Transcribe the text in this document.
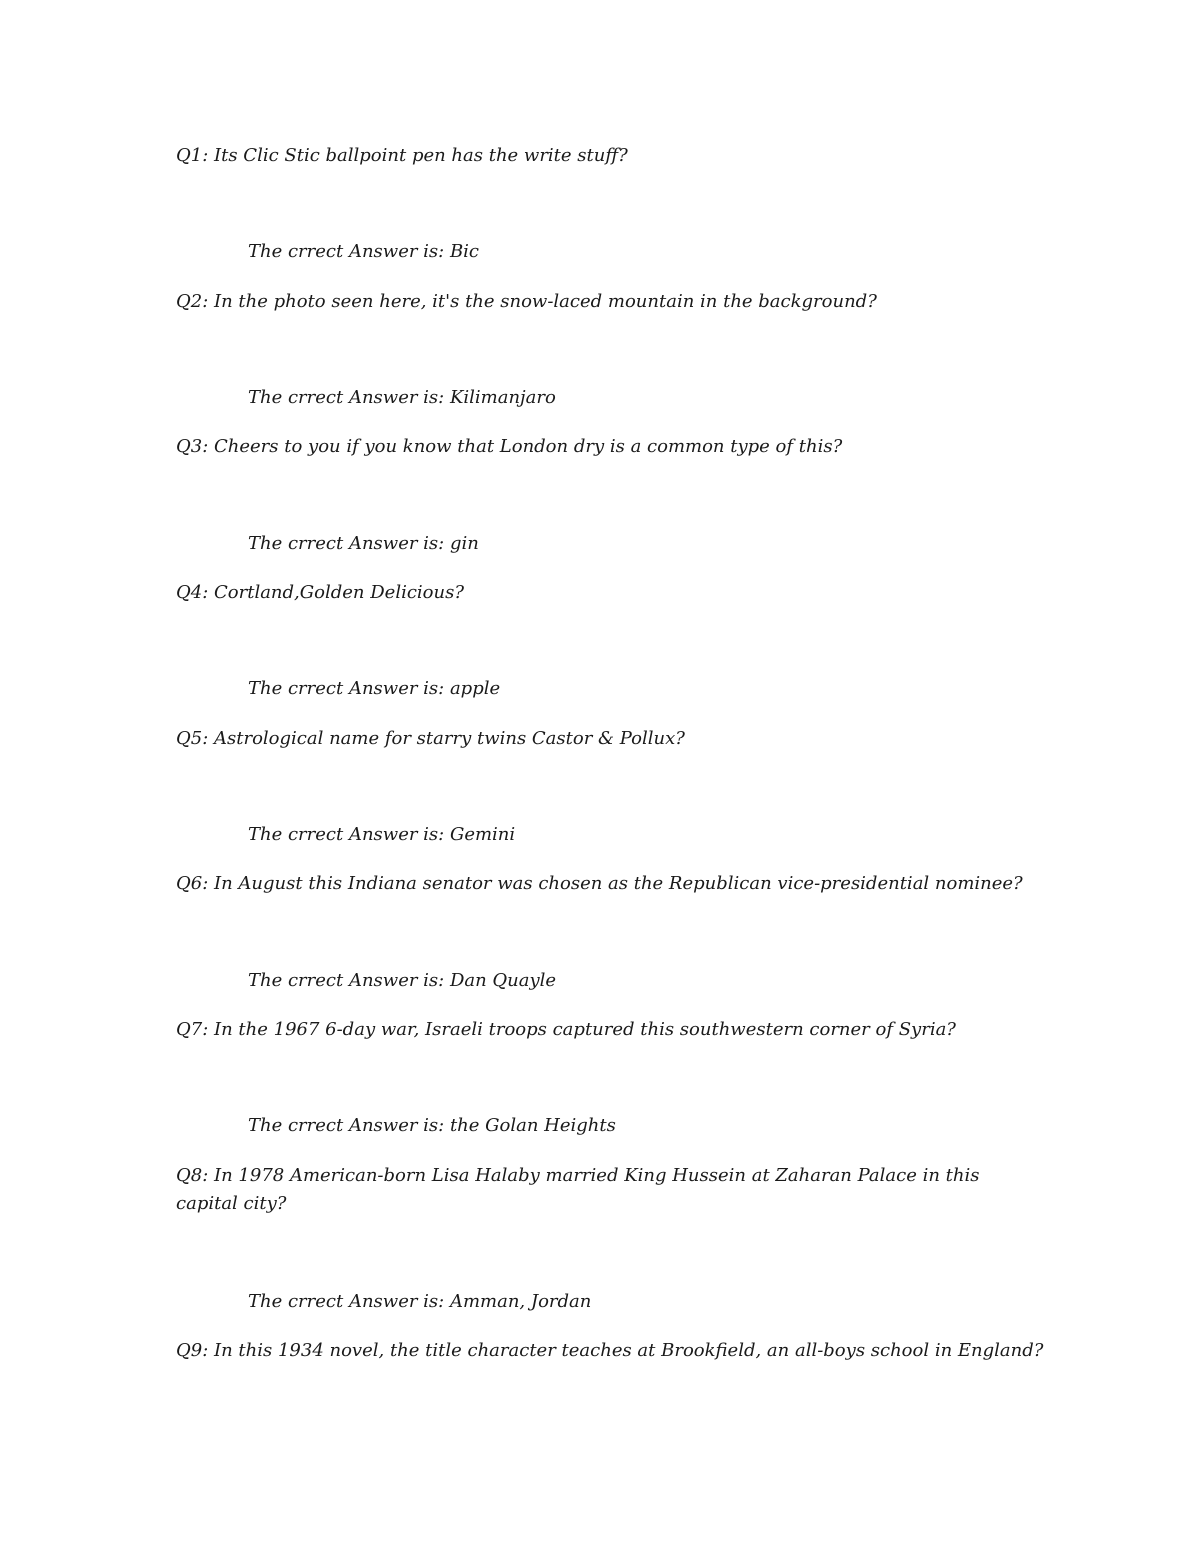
Q1: Its Clic Stic ballpoint pen has the write stuff?
The crrect Answer is: Bic
Q2: In the photo seen here, it's the snow-laced mountain in the background?
The crrect Answer is: Kilimanjaro
Q3: Cheers to you if you know that London dry is a common type of this?
The crrect Answer is: gin
Q4: Cortland,Golden Delicious?
The crrect Answer is: apple
Q5: Astrological name for starry twins Castor & Pollux?
The crrect Answer is: Gemini
Q6: In August this Indiana senator was chosen as the Republican vice-presidential nominee?
The crrect Answer is: Dan Quayle
Q7: In the 1967 6-day war, Israeli troops captured this southwestern corner of Syria?
The crrect Answer is: the Golan Heights
Q8: In 1978 American-born Lisa Halaby married King Hussein at Zaharan Palace in this capital city?
The crrect Answer is: Amman, Jordan
Q9: In this 1934 novel, the title character teaches at Brookfield, an all-boys school in England?
